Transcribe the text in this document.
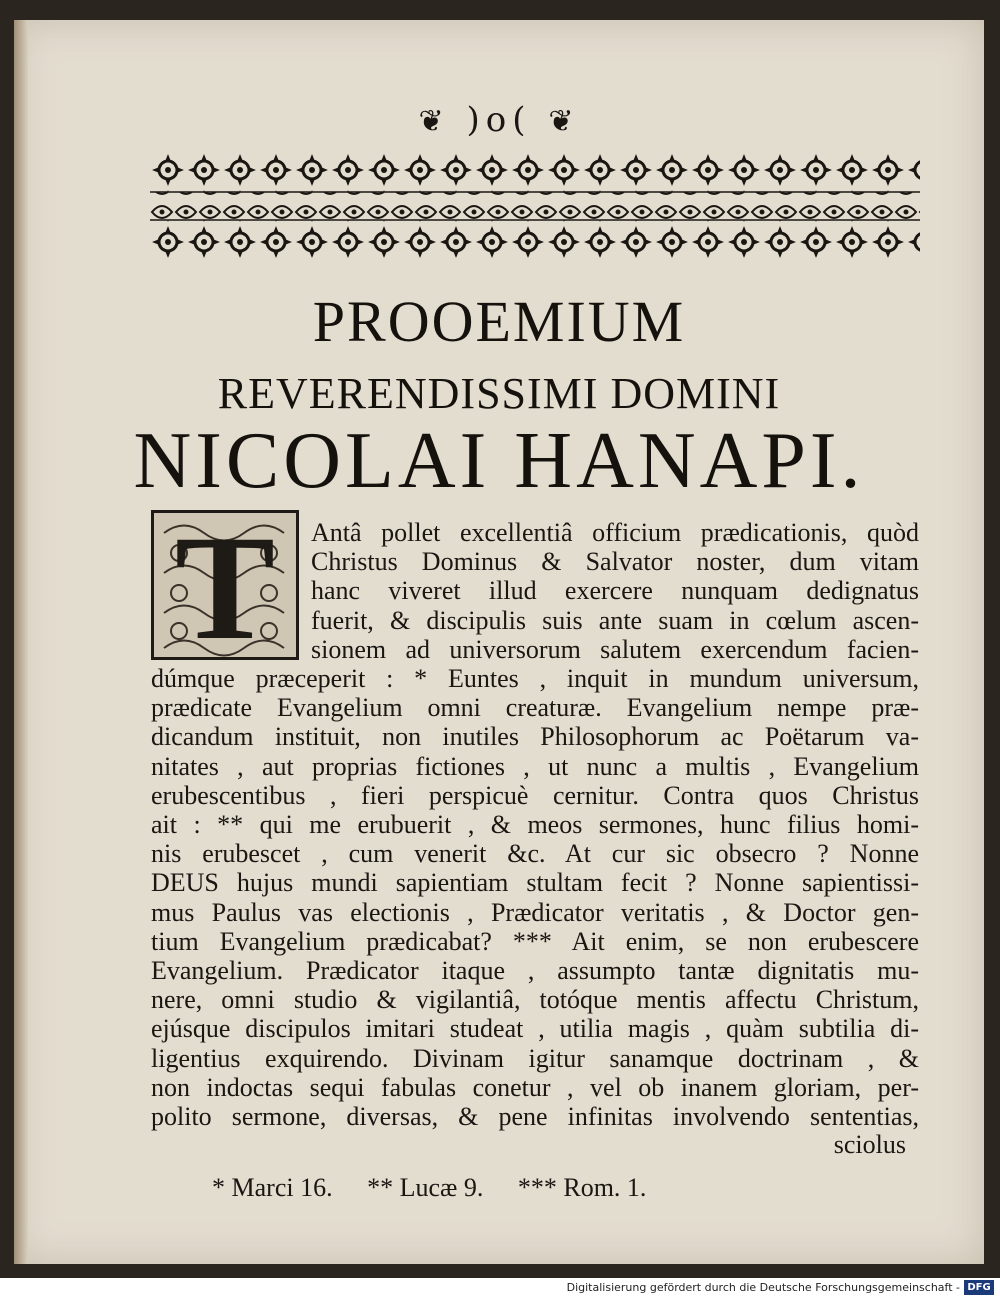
❦ )o( ❦
PROOEMIUM
REVERENDISSIMI DOMINI
NICOLAI HANAPI.
T	Antâ pollet excellentiâ officium prædicationis, quòd
Christus Dominus & Salvator noster, dum vitam
hanc viveret illud exercere nunquam dedignatus
fuerit, & discipulis suis ante suam in cœlum ascen-
sionem ad universorum salutem exercendum facien-
dúmque præceperit : * Euntes , inquit in mundum universum,
prædicate Evangelium omni creaturæ. Evangelium nempe præ-
dicandum instituit, non inutiles Philosophorum ac Poëtarum va-
nitates , aut proprias fictiones , ut nunc a multis , Evangelium
erubescentibus , fieri perspicuè cernitur. Contra quos Christus
ait : ** qui me erubuerit , & meos sermones, hunc filius homi-
nis erubescet , cum venerit &c. At cur sic obsecro ? Nonne
DEUS hujus mundi sapientiam stultam fecit ? Nonne sapientissi-
mus Paulus vas electionis , Prædicator veritatis , & Doctor gen-
tium Evangelium prædicabat? *** Ait enim, se non erubescere
Evangelium. Prædicator itaque , assumpto tantæ dignitatis mu-
nere, omni studio & vigilantiâ, totóque mentis affectu Christum,
ejúsque discipulos imitari studeat , utilia magis , quàm subtilia di-
ligentius exquirendo. Divinam igitur sanamque doctrinam , &
non indoctas sequi fabulas conetur , vel ob inanem gloriam, per-
polito sermone, diversas, & pene infinitas involvendo sententias,
sciolus
* Marci 16. ** Lucæ 9. *** Rom. 1.
Digitalisierung gefördert durch die Deutsche Forschungsgemeinschaft - DFG
